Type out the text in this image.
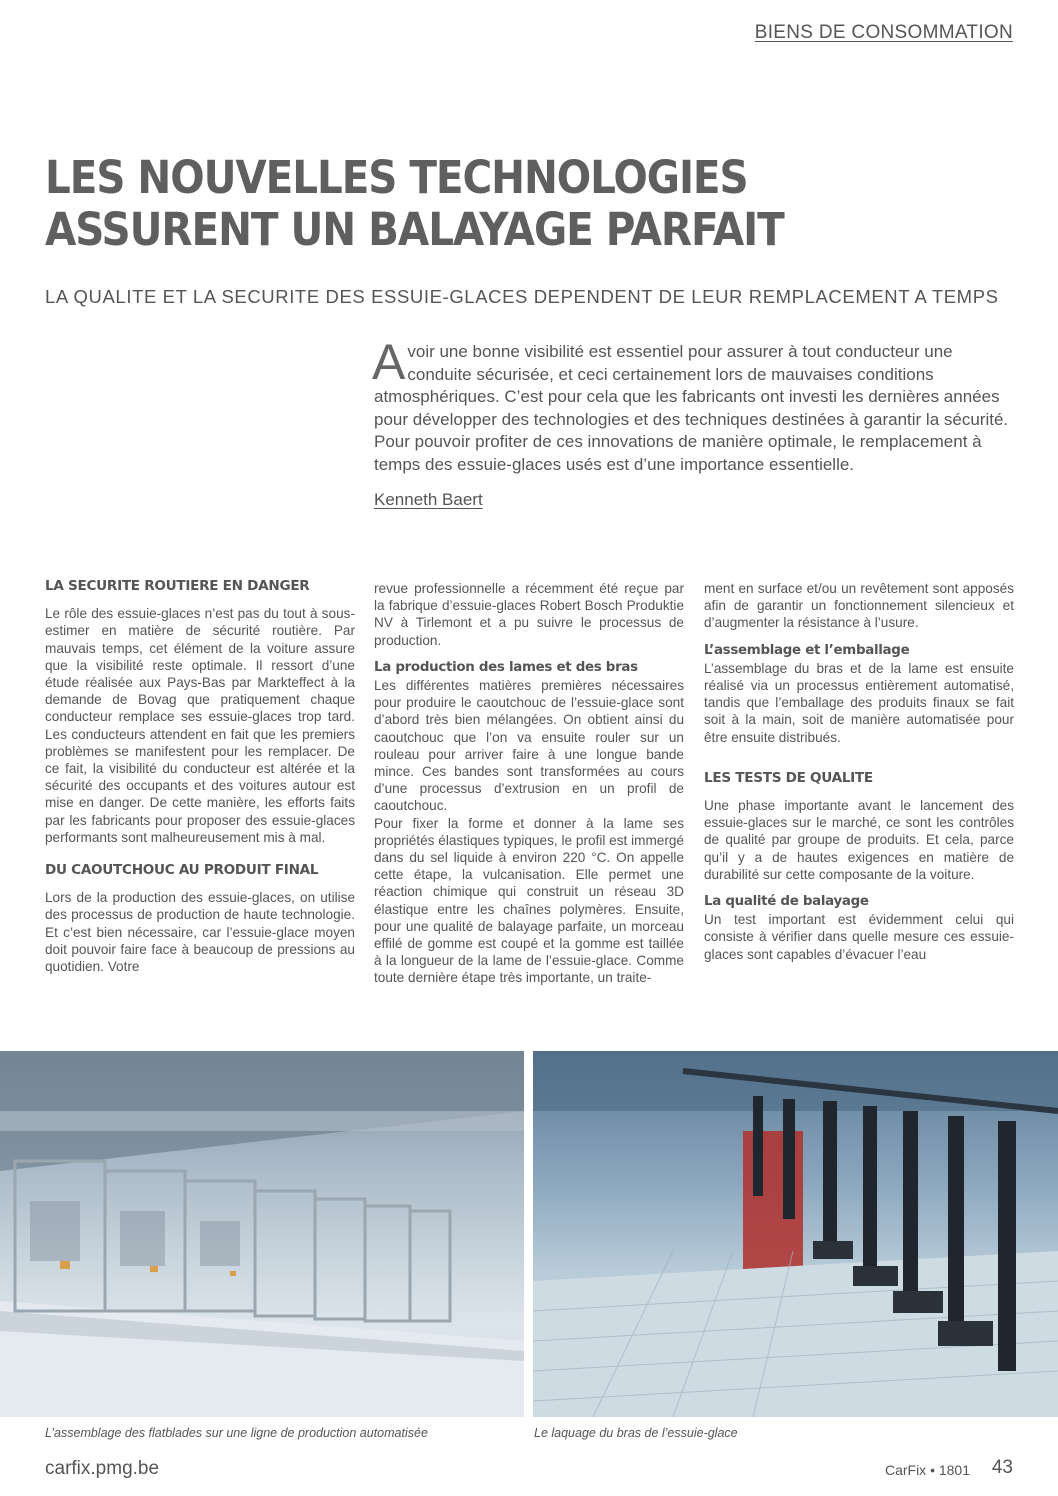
BIENS DE CONSOMMATION
LES NOUVELLES TECHNOLOGIES
ASSURENT UN BALAYAGE PARFAIT
LA QUALITE ET LA SECURITE DES ESSUIE-GLACES DEPENDENT DE LEUR REMPLACEMENT A TEMPS
Avoir une bonne visibilité est essentiel pour assurer à tout conducteur une conduite sécurisée, et ceci certainement lors de mauvaises conditions atmosphériques. C’est pour cela que les fabricants ont investi les dernières années pour développer des technologies et des techniques destinées à garantir la sécurité. Pour pouvoir profiter de ces innovations de manière optimale, le remplacement à temps des essuie-glaces usés est d’une importance essentielle.
Kenneth Baert
LA SECURITE ROUTIERE EN DANGER

Le rôle des essuie-glaces n’est pas du tout à sous-estimer en matière de sécurité routière. Par mauvais temps, cet élément de la voiture assure que la visibilité reste optimale. Il ressort d’une étude réalisée aux Pays-Bas par Markteffect à la demande de Bovag que pratiquement chaque conducteur remplace ses essuie-glaces trop tard. Les conducteurs attendent en fait que les premiers problèmes se manifestent pour les remplacer. De ce fait, la visibilité du conducteur est altérée et la sécurité des occupants et des voitures autour est mise en danger. De cette manière, les efforts faits par les fabricants pour proposer des essuie-glaces performants sont malheureusement mis à mal.

DU CAOUTCHOUC AU PRODUIT FINAL

Lors de la production des essuie-glaces, on utilise des processus de production de haute technologie. Et c’est bien nécessaire, car l’essuie-glace moyen doit pouvoir faire face à beaucoup de pressions au quotidien. Votre

revue professionnelle a récemment été reçue par la fabrique d’essuie-glaces Robert Bosch Produktie NV à Tirlemont et a pu suivre le processus de production.

La production des lames et des bras

Les différentes matières premières nécessaires pour produire le caoutchouc de l’essuie-glace sont d’abord très bien mélangées. On obtient ainsi du caoutchouc que l’on va ensuite rouler sur un rouleau pour arriver faire à une longue bande mince. Ces bandes sont transformées au cours d’une processus d’extrusion en un profil de caoutchouc.

Pour fixer la forme et donner à la lame ses propriétés élastiques typiques, le profil est immergé dans du sel liquide à environ 220 °C. On appelle cette étape, la vulcanisation. Elle permet une réaction chimique qui construit un réseau 3D élastique entre les chaînes polymères. Ensuite, pour une qualité de balayage parfaite, un morceau effilé de gomme est coupé et la gomme est taillée à la longueur de la lame de l’essuie-glace. Comme toute dernière étape très importante, un traite-

ment en surface et/ou un revêtement sont apposés afin de garantir un fonctionnement silencieux et d’augmenter la résistance à l’usure.

L’assemblage et l’emballage

L’assemblage du bras et de la lame est ensuite réalisé via un processus entièrement automatisé, tandis que l’emballage des produits finaux se fait soit à la main, soit de manière automatisée pour être ensuite distribués.

LES TESTS DE QUALITE

Une phase importante avant le lancement des essuie-glaces sur le marché, ce sont les contrôles de qualité par groupe de produits. Et cela, parce qu’il y a de hautes exigences en matière de durabilité sur cette composante de la voiture.

La qualité de balayage

Un test important est évidemment celui qui consiste à vérifier dans quelle mesure ces essuie-glaces sont capables d’évacuer l’eau

L’assemblage des flatblades sur une ligne de production automatisée	Le laquage du bras de l’essuie-glace
carfix.pmg.be	CarFix • 1801 43
